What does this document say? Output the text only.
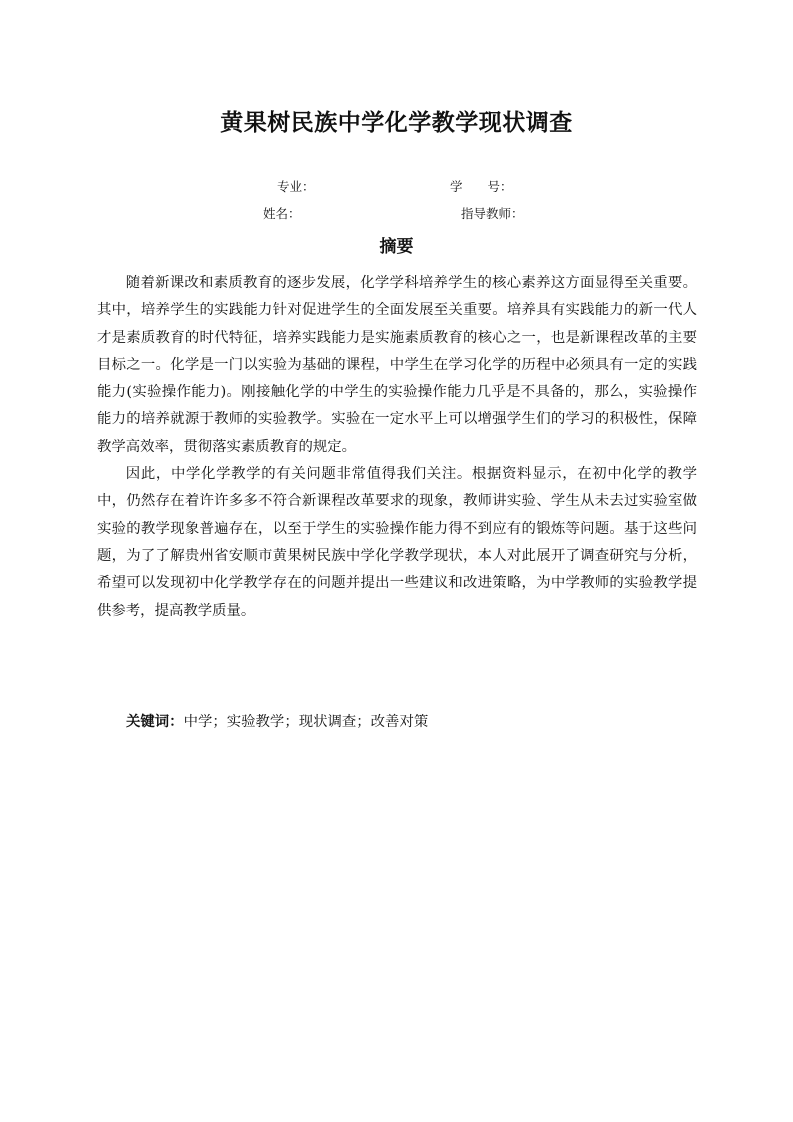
黄果树民族中学化学教学现状调查
专业：	学　　号：
姓名：	指导教师：
摘要

随着新课改和素质教育的逐步发展，化学学科培养学生的核心素养这方面显得至关重要。其中，培养学生的实践能力针对促进学生的全面发展至关重要。培养具有实践能力的新一代人才是素质教育的时代特征，培养实践能力是实施素质教育的核心之一，也是新课程改革的主要目标之一。化学是一门以实验为基础的课程，中学生在学习化学的历程中必须具有一定的实践能力(实验操作能力)。刚接触化学的中学生的实验操作能力几乎是不具备的，那么，实验操作能力的培养就源于教师的实验教学。实验在一定水平上可以增强学生们的学习的积极性，保障教学高效率，贯彻落实素质教育的规定。

因此，中学化学教学的有关问题非常值得我们关注。根据资料显示，在初中化学的教学中，仍然存在着许许多多不符合新课程改革要求的现象，教师讲实验、学生从未去过实验室做实验的教学现象普遍存在，以至于学生的实验操作能力得不到应有的锻炼等问题。基于这些问题，为了了解贵州省安顺市黄果树民族中学化学教学现状，本人对此展开了调查研究与分析，希望可以发现初中化学教学存在的问题并提出一些建议和改进策略，为中学教师的实验教学提供参考，提高教学质量。

关键词：中学；实验教学；现状调查；改善对策
